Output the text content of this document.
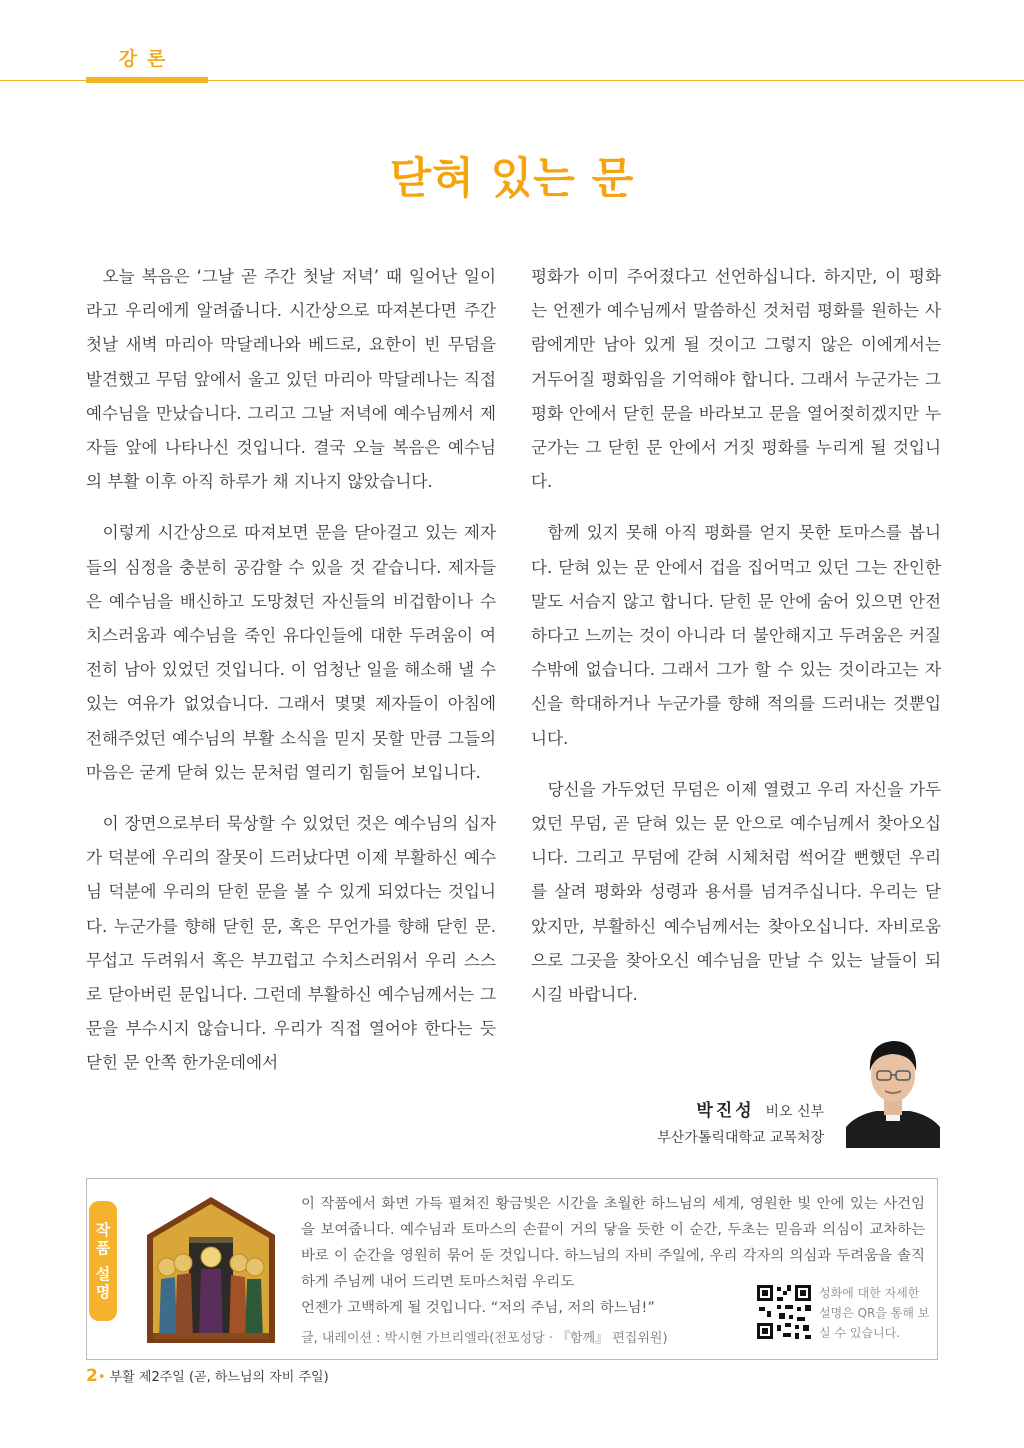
강론
닫혀 있는 문

오늘 복음은 ‘그날 곧 주간 첫날 저녁’ 때 일어난 일이라고 우리에게 알려줍니다. 시간상으로 따져본다면 주간 첫날 새벽 마리아 막달레나와 베드로, 요한이 빈 무덤을 발견했고 무덤 앞에서 울고 있던 마리아 막달레나는 직접 예수님을 만났습니다. 그리고 그날 저녁에 예수님께서 제자들 앞에 나타나신 것입니다. 결국 오늘 복음은 예수님의 부활 이후 아직 하루가 채 지나지 않았습니다.

이렇게 시간상으로 따져보면 문을 닫아걸고 있는 제자들의 심정을 충분히 공감할 수 있을 것 같습니다. 제자들은 예수님을 배신하고 도망쳤던 자신들의 비겁함이나 수치스러움과 예수님을 죽인 유다인들에 대한 두려움이 여전히 남아 있었던 것입니다. 이 엄청난 일을 해소해 낼 수 있는 여유가 없었습니다. 그래서 몇몇 제자들이 아침에 전해주었던 예수님의 부활 소식을 믿지 못할 만큼 그들의 마음은 굳게 닫혀 있는 문처럼 열리기 힘들어 보입니다.

이 장면으로부터 묵상할 수 있었던 것은 예수님의 십자가 덕분에 우리의 잘못이 드러났다면 이제 부활하신 예수님 덕분에 우리의 닫힌 문을 볼 수 있게 되었다는 것입니다. 누군가를 향해 닫힌 문, 혹은 무언가를 향해 닫힌 문. 무섭고 두려워서 혹은 부끄럽고 수치스러워서 우리 스스로 닫아버린 문입니다. 그런데 부활하신 예수님께서는 그 문을 부수시지 않습니다. 우리가 직접 열어야 한다는 듯 닫힌 문 안쪽 한가운데에서

평화가 이미 주어졌다고 선언하십니다. 하지만, 이 평화는 언젠가 예수님께서 말씀하신 것처럼 평화를 원하는 사람에게만 남아 있게 될 것이고 그렇지 않은 이에게서는 거두어질 평화임을 기억해야 합니다. 그래서 누군가는 그 평화 안에서 닫힌 문을 바라보고 문을 열어젖히겠지만 누군가는 그 닫힌 문 안에서 거짓 평화를 누리게 될 것입니다.

함께 있지 못해 아직 평화를 얻지 못한 토마스를 봅니다. 닫혀 있는 문 안에서 겁을 집어먹고 있던 그는 잔인한 말도 서슴지 않고 합니다. 닫힌 문 안에 숨어 있으면 안전하다고 느끼는 것이 아니라 더 불안해지고 두려움은 커질 수밖에 없습니다. 그래서 그가 할 수 있는 것이라고는 자신을 학대하거나 누군가를 향해 적의를 드러내는 것뿐입니다.

당신을 가두었던 무덤은 이제 열렸고 우리 자신을 가두었던 무덤, 곧 닫혀 있는 문 안으로 예수님께서 찾아오십니다. 그리고 무덤에 갇혀 시체처럼 썩어갈 뻔했던 우리를 살려 평화와 성령과 용서를 넘겨주십니다. 우리는 닫았지만, 부활하신 예수님께서는 찾아오십니다. 자비로움으로 그곳을 찾아오신 예수님을 만날 수 있는 날들이 되시길 바랍니다.

박진성 비오 신부
부산가톨릭대학교 교목처장
작
품
설
명
이 작품에서 화면 가득 펼쳐진 황금빛은 시간을 초월한 하느님의 세계, 영원한 빛 안에 있는 사건임을 보여줍니다. 예수님과 토마스의 손끝이 거의 닿을 듯한 이 순간, 두초는 믿음과 의심이 교차하는 바로 이 순간을 영원히 묶어 둔 것입니다. 하느님의 자비 주일에, 우리 각자의 의심과 두려움을 솔직하게 주님께 내어 드리면 토마스처럼 우리도
언젠가 고백하게 될 것입니다. “저의 주님, 저의 하느님!”
글, 내레이션 : 박시현 가브리엘라(전포성당 · 『함께』 편집위원)
성화에 대한 자세한 설명은 QR을 통해 보실 수 있습니다.
2• 부활 제2주일 (곧, 하느님의 자비 주일)
